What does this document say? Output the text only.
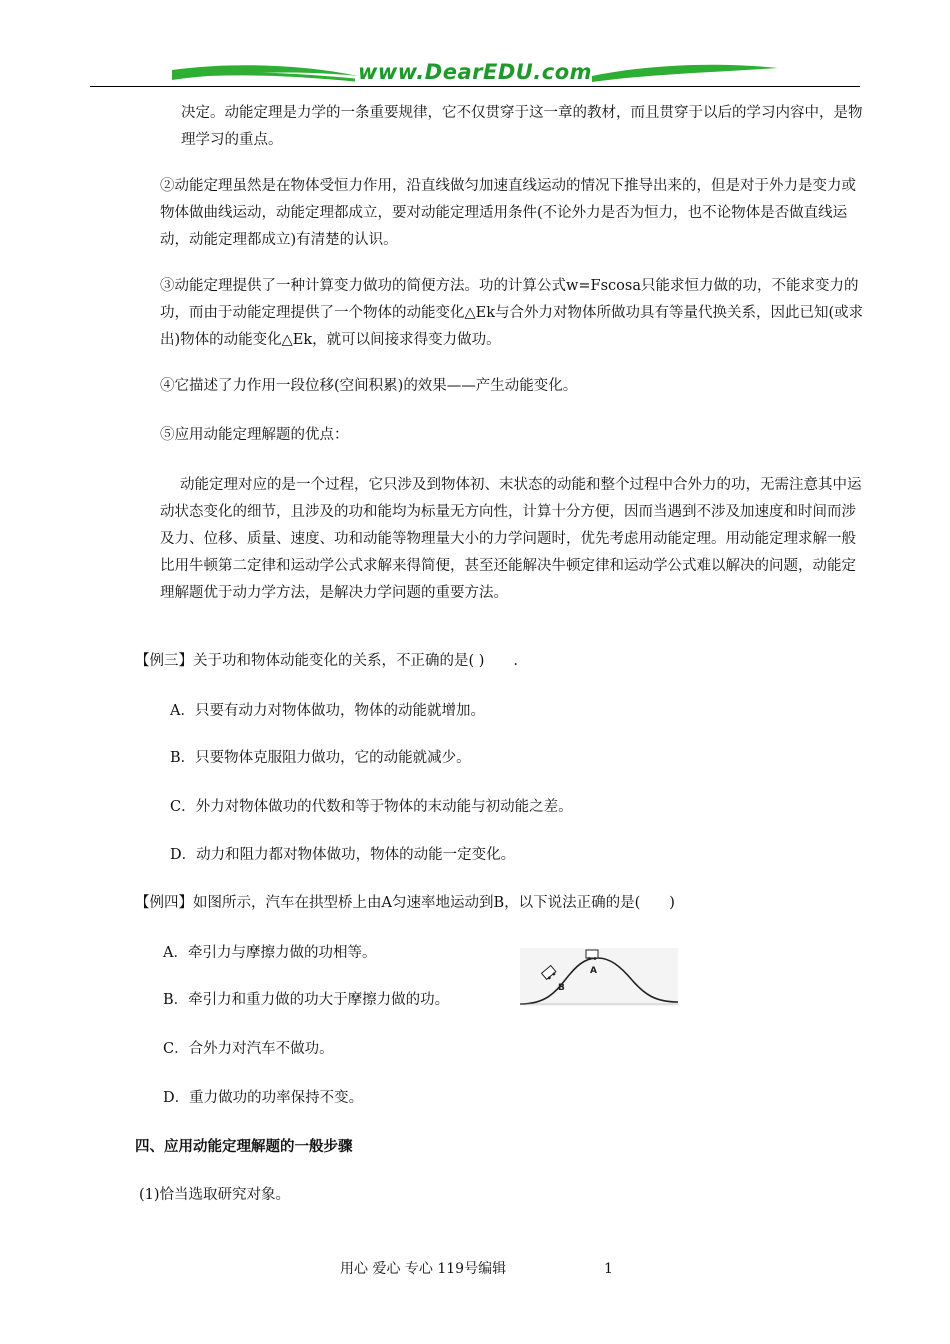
www.DearEDU.com
决定。动能定理是力学的一条重要规律，它不仅贯穿于这一章的教材，而且贯穿于以后的学习内容中，是物理学习的重点。
②动能定理虽然是在物体受恒力作用，沿直线做匀加速直线运动的情况下推导出来的，但是对于外力是变力或物体做曲线运动，动能定理都成立，要对动能定理适用条件(不论外力是否为恒力，也不论物体是否做直线运动，动能定理都成立)有清楚的认识。
③动能定理提供了一种计算变力做功的简便方法。功的计算公式w=Fscosa只能求恒力做的功，不能求变力的功，而由于动能定理提供了一个物体的动能变化△Ek与合外力对物体所做功具有等量代换关系，因此已知(或求出)物体的动能变化△Ek，就可以间接求得变力做功。
④它描述了力作用一段位移(空间积累)的效果——产生动能变化。
⑤应用动能定理解题的优点：
动能定理对应的是一个过程，它只涉及到物体初、末状态的动能和整个过程中合外力的功，无需注意其中运动状态变化的细节，且涉及的功和能均为标量无方向性，计算十分方便，因而当遇到不涉及加速度和时间而涉及力、位移、质量、速度、功和动能等物理量大小的力学问题时，优先考虑用动能定理。用动能定理求解一般比用牛顿第二定律和运动学公式求解来得简便，甚至还能解决牛顿定律和运动学公式难以解决的问题，动能定理解题优于动力学方法，是解决力学问题的重要方法。
【例三】关于功和物体动能变化的关系，不正确的是( )　　.
A．只要有动力对物体做功，物体的动能就增加。
B．只要物体克服阻力做功，它的动能就减少。
C．外力对物体做功的代数和等于物体的末动能与初动能之差。
D．动力和阻力都对物体做功，物体的动能一定变化。
【例四】如图所示，汽车在拱型桥上由A匀速率地运动到B，以下说法正确的是(　　)
A．牵引力与摩擦力做的功相等。
B．牵引力和重力做的功大于摩擦力做的功。
C．合外力对汽车不做功。
D．重力做功的功率保持不变。
A
B
四、应用动能定理解题的一般步骤
(1)恰当选取研究对象。
用心 爱心 专心 119号编辑	1
